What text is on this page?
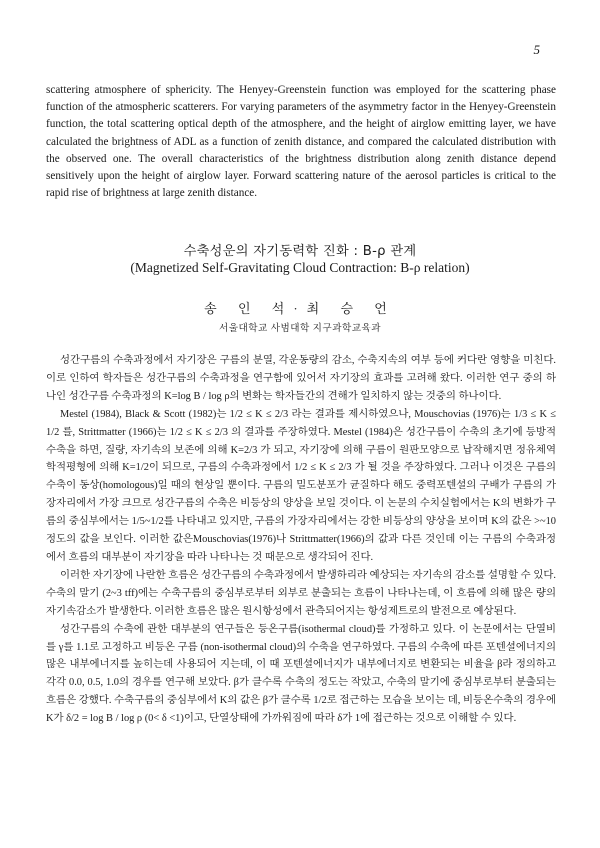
5

scattering atmosphere of sphericity. The Henyey-Greenstein function was employed for the scattering phase function of the atmospheric scatterers. For varying parameters of the asymmetry factor in the Henyey-Greenstein function, the total scattering optical depth of the atmosphere, and the height of airglow emitting layer, we have calculated the brightness of ADL as a function of zenith distance, and compared the calculated distribution with the observed one. The overall characteristics of the brightness distribution along zenith distance depend sensitively upon the height of airglow layer. Forward scattering nature of the aerosol particles is critical to the rapid rise of brightness at large zenith distance.

수축성운의 자기동력학 진화 : B-ρ 관계
(Magnetized Self-Gravitating Cloud Contraction: B-ρ relation)
송 인 석·최 승 언
서울대학교 사범대학 지구과학교육과

성간구름의 수축과정에서 자기장은 구름의 분열, 각운동량의 감소, 수축지속의 여부 등에 커다란 영향을 미친다. 이로 인하여 학자들은 성간구름의 수축과정을 연구함에 있어서 자기장의 효과를 고려해 왔다. 이러한 연구 중의 하나인 성간구름 수축과정의 K=log B / log ρ의 변화는 학자들간의 견해가 일치하지 않는 것중의 하나이다.

Mestel (1984), Black & Scott (1982)는 1/2 ≤ K ≤ 2/3 라는 결과를 제시하였으나, Mouschovias (1976)는 1/3 ≤ K ≤ 1/2 를, Strittmatter (1966)는 1/2 ≤ K ≤ 2/3 의 결과를 주장하였다. Mestel (1984)은 성간구름이 수축의 초기에 등방적 수축을 하면, 질량, 자기속의 보존에 의해 K=2/3 가 되고, 자기장에 의해 구름이 원판모양으로 납작해지면 정유체역학적평형에 의해 K=1/2이 되므로, 구름의 수축과정에서 1/2 ≤ K ≤ 2/3 가 될 것을 주장하였다. 그러나 이것은 구름의 수축이 동상(homologous)일 때의 현상일 뿐이다. 구름의 밀도분포가 균질하다 해도 중력포텐셜의 구배가 구름의 가장자리에서 가장 크므로 성간구름의 수축은 비등상의 양상을 보일 것이다. 이 논문의 수치실험에서는 K의 변화가 구름의 중심부에서는 1/5~1/2를 나타내고 있지만, 구름의 가장자리에서는 강한 비등상의 양상을 보이며 K의 값은 >~10정도의 값을 보인다. 이러한 값은Mouschovias(1976)나 Strittmatter(1966)의 값과 다른 것인데 이는 구름의 수축과정에서 흐름의 대부분이 자기장을 따라 나타나는 것 때문으로 생각되어 진다.

이러한 자기장에 나란한 흐름은 성간구름의 수축과정에서 발생하리라 예상되는 자기속의 감소를 설명할 수 있다. 수축의 말기 (2~3 tff)에는 수축구름의 중심부로부터 외부로 분출되는 흐름이 나타나는데, 이 흐름에 의해 많은 량의 자기속감소가 발생한다. 이러한 흐름은 많은 원시항성에서 관측되어지는 항성제트로의 발전으로 예상된다.

성간구름의 수축에 관한 대부분의 연구들은 등온구름(isothermal cloud)를 가정하고 있다. 이 논문에서는 단열비를 γ를 1.1로 고정하고 비등온 구름 (non-isothermal cloud)의 수축을 연구하였다. 구름의 수축에 따른 포텐셜에너지의 많은 내부에너지를 높히는데 사용되어 지는데, 이 때 포텐셜에너지가 내부에너지로 변환되는 비율을 β라 정의하고 각각 0.0, 0.5, 1.0의 경우를 연구해 보았다. β가 클수록 수축의 정도는 작았고, 수축의 말기에 중심부로부터 분출되는 흐름은 강했다. 수축구름의 중심부에서 K의 값은 β가 클수록 1/2로 접근하는 모습을 보이는 데, 비등온수축의 경우에 K가 δ/2 = log B / log ρ (0< δ <1)이고, 단열상태에 가까워짐에 따라 δ가 1에 접근하는 것으로 이해할 수 있다.
